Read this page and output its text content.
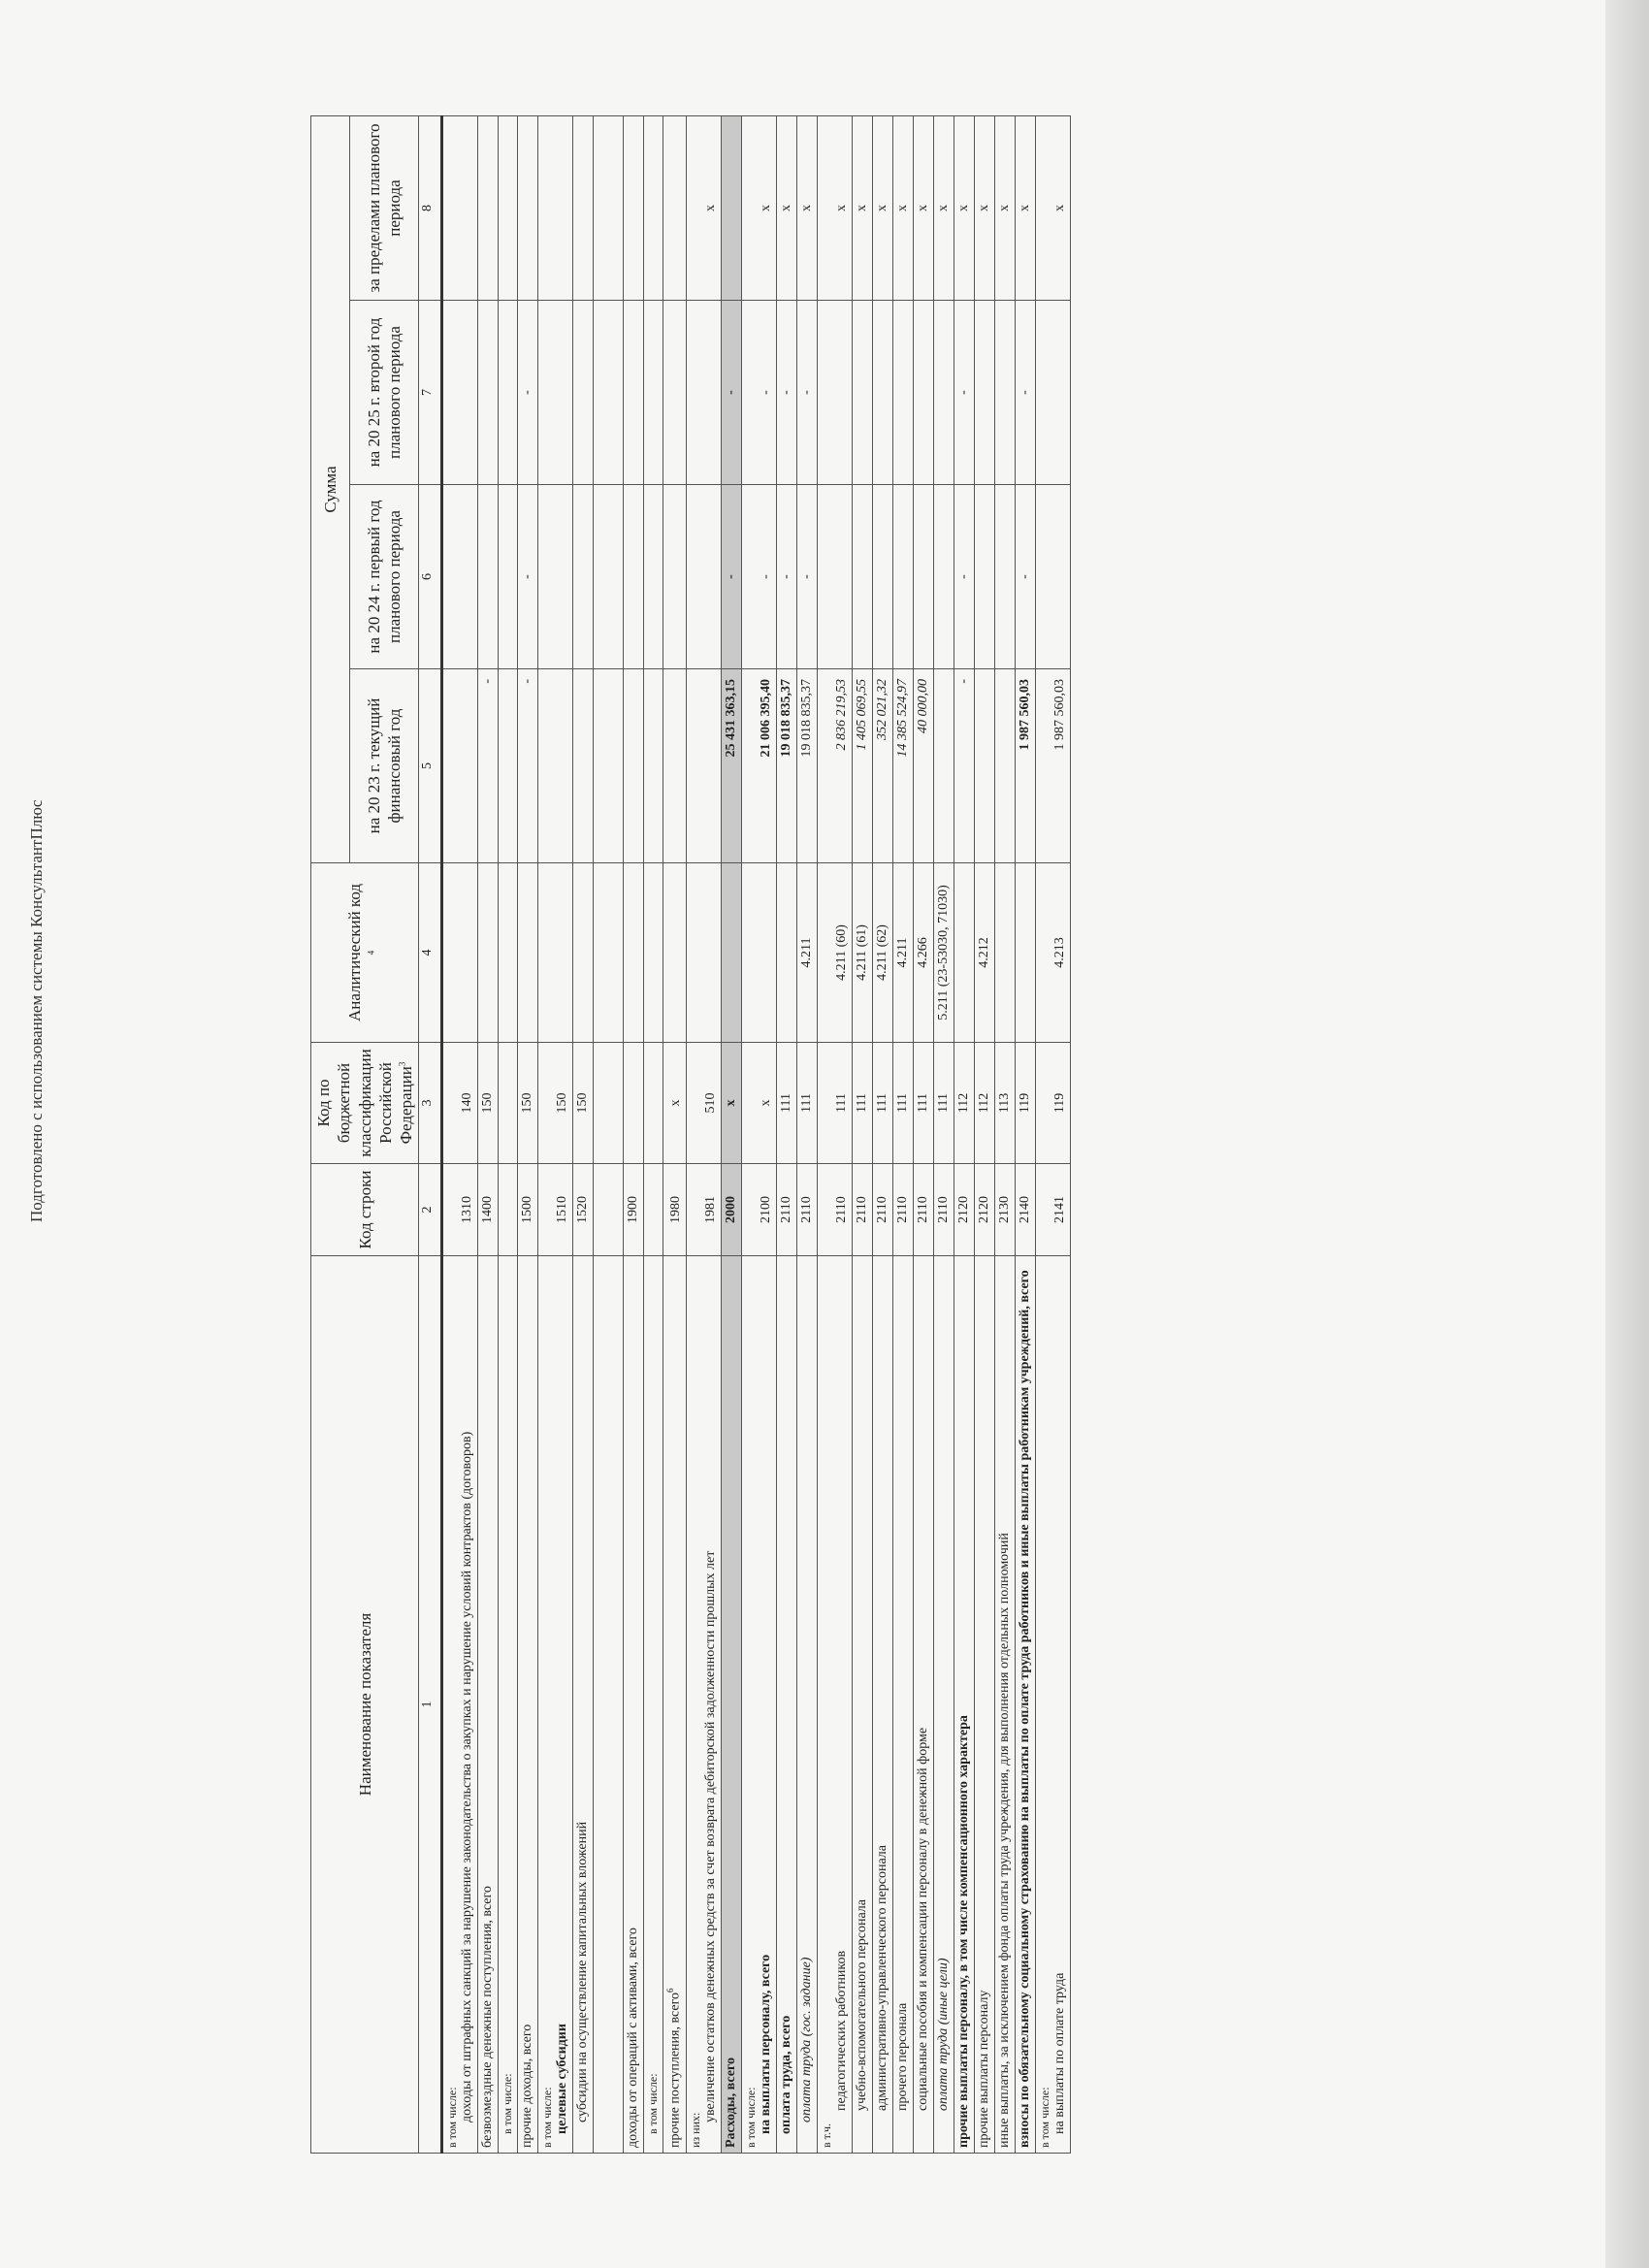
Подготовлено с использованием системы КонсультантПлюс
Наименование показателя	Код строки	Код по бюджетной классификации Российской Федерации$^3$	Аналитический код $^4$	Сумма			
				на 20 23 г. текущий финансовый год	на 20 24 г. первый год планового периода	на 20 25 г. второй год планового периода	за пределами планового периода
1	2	3	4	5	6	7	8

в том числе: доходы от штрафных санкций за нарушение законодательства о закупках и нарушение условий контрактов (договоров)	1310	140					
безвозмездные денежные поступления, всего	1400	150		-			

в том числе:							

прочие доходы, всего	1500	150		-	-	-	

в том числе: целевые субсидии	1510	150					

субсидии на осуществление капитальных вложений	1520	150					

доходы от операций с активами, всего	1900						

в том числе:							

прочие поступления, всего$^6$	1980	x					

из них:
увеличение остатков денежных средств за счет возврата дебиторской задолженности прошлых лет	1981	510					x
Расходы, всего	2000	x		25 431 363,15	-	-	

в том числе: на выплаты персоналу, всего	2100	x		21 006 395,40	-	-	x

оплата труда, всего	2110	111		19 018 835,37	-	-	x

оплата труда (гос. задание)	2110	111	4.211	19 018 835,37	-	-	x

в т.ч.
педагогических работников	2110	111	4.211 (60)	2 836 219,53			x

учебно-вспомогательного персонала	2110	111	4.211 (61)	1 405 069,55			x

административно-управленческого персонала	2110	111	4.211 (62)	352 021,32			x

прочего персонала	2110	111	4.211	14 385 524,97			x

социальные пособия и компенсации персоналу в денежной форме	2110	111	4.266	40 000,00			x

оплата труда (иные цели)	2110	111	5.211 (23-53030, 71030)				x
прочие выплаты персоналу, в том числе компенсационного характера	2120	112		-	-	-	x
прочие выплаты персоналу	2120	112	4.212				x
иные выплаты, за исключением фонда оплаты труда учреждения, для выполнения отдельных полномочий	2130	113					x
взносы по обязательному социальному страхованию на выплаты по оплате труда работников и иные выплаты работникам учреждений, всего	2140	119		1 987 560,03	-	-	x

в том числе: на выплаты по оплате труда	2141	119	4.213	1 987 560,03			x
